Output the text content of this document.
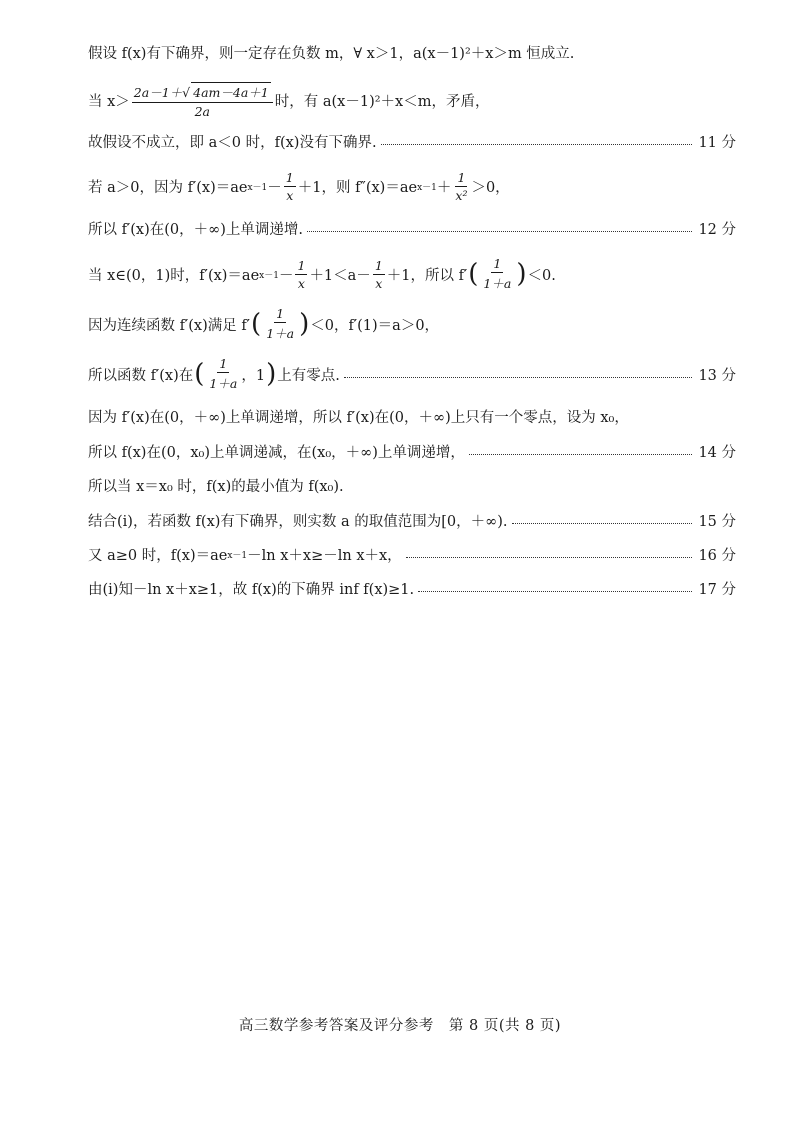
假设 f(x)有下确界，则一定存在负数 m，∀ x＞1，a(x－1)²＋x＞m 恒成立.
当 $x> \frac{2a-1+√ 4am-4a+1}{2a}$ 时，有 a(x－1)²＋x＜m，矛盾，
故假设不成立，即 a＜0 时，f(x)没有下确界.	11 分
若 a＞0，因为 f′(x)＝ae $x-1 - \frac{1}{x} +1$，则 f″(x)＝ae $x-1 + \frac{1}{\text{x²}} >0$，
所以 f′(x)在(0，＋∞)上单调递增.	12 分
当 x∈(0，1)时，f′(x)＝ae $x-1 - \frac{1}{x} +1<a- \frac{1}{x} +1$，所以 f′ ( $\frac{1}{1+a}$ ) ＜0.
因为连续函数 f′(x)满足 f′ ( $\frac{1}{1+a}$ ) ＜0，f′(1)＝a＞0，
所以函数 f′(x)在 ( $\frac{1}{1+a}$ ，1 ) 上有零点.	13 分
因为 f′(x)在(0，＋∞)上单调递增，所以 f′(x)在(0，＋∞)上只有一个零点，设为 x₀，
所以 f(x)在(0，x₀)上单调递减，在(x₀，＋∞)上单调递增，	14 分
所以当 x＝x₀ 时，f(x)的最小值为 f(x₀).
结合(i)，若函数 f(x)有下确界，则实数 a 的取值范围为[0，＋∞).	15 分
又 a≥0 时，f(x)＝ae x－1 －ln x＋x≥－ln x＋x，	16 分
由(i)知－ln x＋x≥1，故 f(x)的下确界 inf f(x)≥1.	17 分
高三数学参考答案及评分参考　第 8 页(共 8 页)
